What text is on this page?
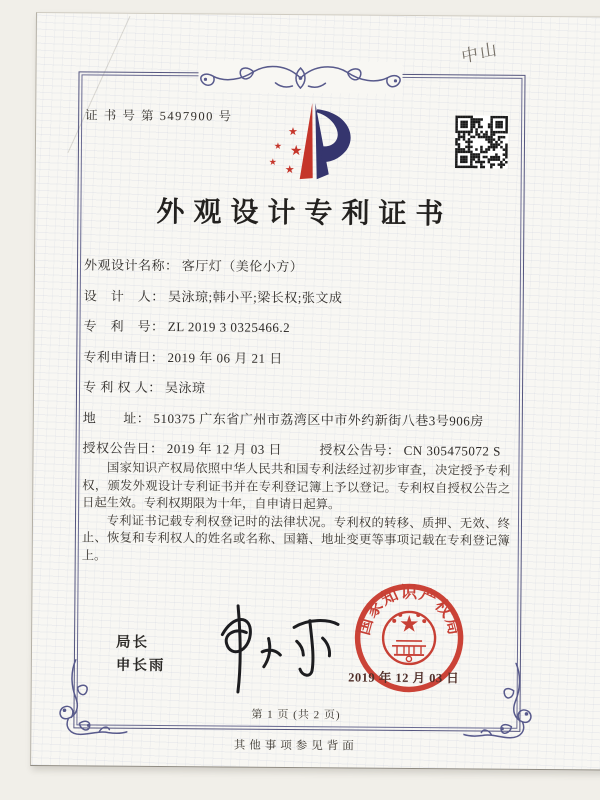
中山
证 书 号 第 5497900 号
★
★ ★
★
★
外观设计专利证书
外观设计名称： 客厅灯（美伦小方）
设　计　人： 吴泳琼;韩小平;梁长权;张文成
专　利　号： ZL 2019 3 0325466.2
专利申请日： 2019 年 06 月 21 日
专 利 权 人： 吴泳琼
地　　址： 510375 广东省广州市荔湾区中市外约新街八巷3号906房
授权公告日： 2019 年 12 月 03 日	授权公告号： CN 305475072 S

国家知识产权局依照中华人民共和国专利法经过初步审查，决定授予专利权，颁发外观设计专利证书并在专利登记簿上予以登记。专利权自授权公告之日起生效。专利权期限为十年，自申请日起算。

专利证书记载专利权登记时的法律状况。专利权的转移、质押、无效、终止、恢复和专利权人的姓名或名称、国籍、地址变更等事项记载在专利登记簿上。

局长
申长雨
国家知识产权局
2019 年 12 月 03 日
第 1 页 (共 2 页)
其他事项参见背面
